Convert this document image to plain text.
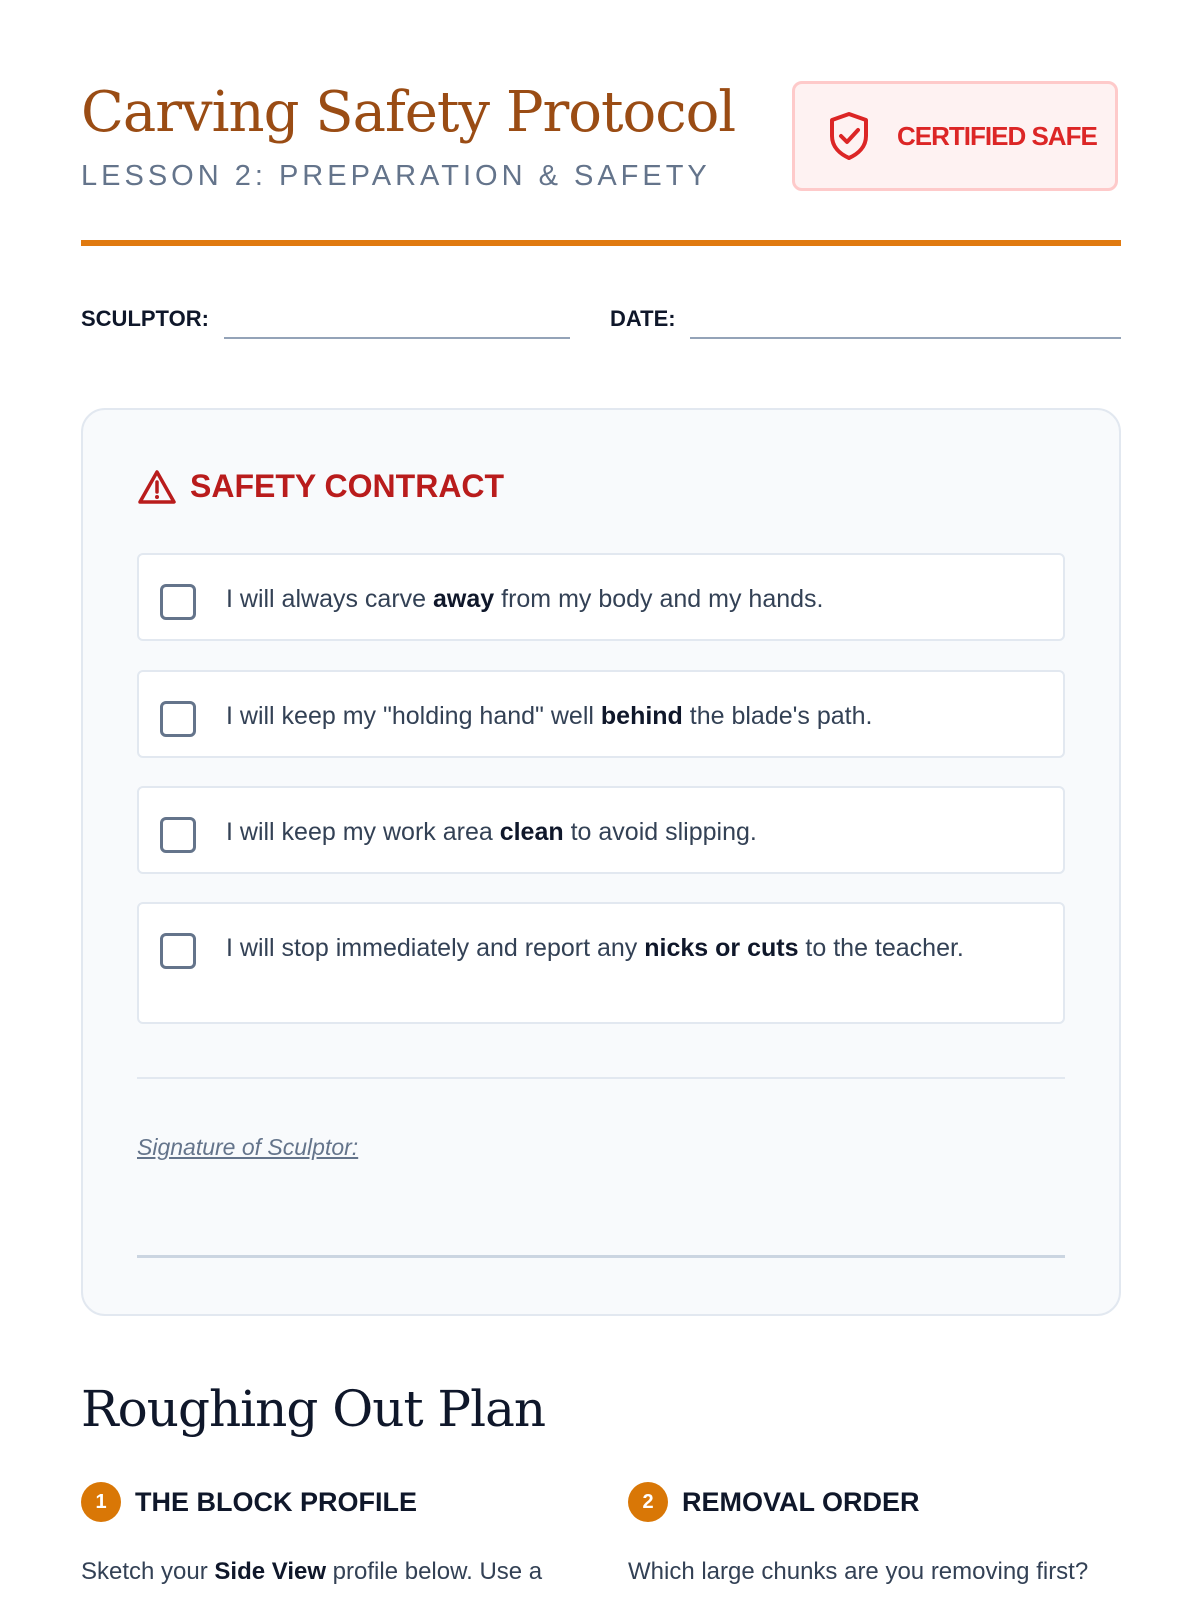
Carving Safety Protocol
LESSON 2: PREPARATION & SAFETY
CERTIFIED SAFE
SCULPTOR:	DATE:
SAFETY CONTRACT
I will always carve away from my body and my hands.
I will keep my "holding hand" well behind the blade's path.
I will keep my work area clean to avoid slipping.
I will stop immediately and report any nicks or cuts to the teacher.
Signature of Sculptor:
Roughing Out Plan
1	THE BLOCK PROFILE
Sketch your Side View profile below. Use a
2	REMOVAL ORDER
Which large chunks are you removing first?
